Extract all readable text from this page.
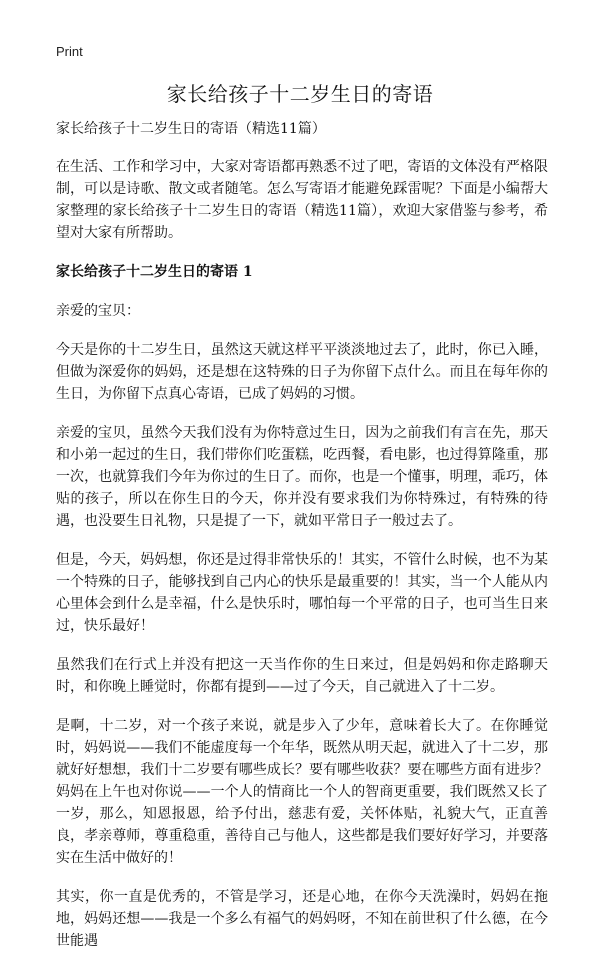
Print
家长给孩子十二岁生日的寄语

家长给孩子十二岁生日的寄语（精选11篇）

在生活、工作和学习中，大家对寄语都再熟悉不过了吧，寄语的文体没有严格限制，可以是诗歌、散文或者随笔。怎么写寄语才能避免踩雷呢？下面是小编帮大家整理的家长给孩子十二岁生日的寄语（精选11篇），欢迎大家借鉴与参考，希望对大家有所帮助。

家长给孩子十二岁生日的寄语 1

亲爱的宝贝：

今天是你的十二岁生日，虽然这天就这样平平淡淡地过去了，此时，你已入睡，但做为深爱你的妈妈，还是想在这特殊的日子为你留下点什么。而且在每年你的生日，为你留下点真心寄语，已成了妈妈的习惯。

亲爱的宝贝，虽然今天我们没有为你特意过生日，因为之前我们有言在先，那天和小弟一起过的生日，我们带你们吃蛋糕，吃西餐，看电影，也过得算隆重，那一次，也就算我们今年为你过的生日了。而你，也是一个懂事，明理，乖巧，体贴的孩子，所以在你生日的今天，你并没有要求我们为你特殊过，有特殊的待遇，也没要生日礼物，只是提了一下，就如平常日子一般过去了。

但是，今天，妈妈想，你还是过得非常快乐的！其实，不管什么时候，也不为某一个特殊的日子，能够找到自己内心的快乐是最重要的！其实，当一个人能从内心里体会到什么是幸福，什么是快乐时，哪怕每一个平常的日子，也可当生日来过，快乐最好！

虽然我们在行式上并没有把这一天当作你的生日来过，但是妈妈和你走路聊天时，和你晚上睡觉时，你都有提到——过了今天，自己就进入了十二岁。

是啊，十二岁，对一个孩子来说，就是步入了少年，意味着长大了。在你睡觉时，妈妈说——我们不能虚度每一个年华，既然从明天起，就进入了十二岁，那就好好想想，我们十二岁要有哪些成长？要有哪些收获？要在哪些方面有进步？妈妈在上午也对你说——一个人的情商比一个人的智商更重要，我们既然又长了一岁，那么，知恩报恩，给予付出，慈悲有爱，关怀体贴，礼貌大气，正直善良，孝亲尊师，尊重稳重，善待自己与他人，这些都是我们要好好学习，并要落实在生活中做好的！

其实，你一直是优秀的，不管是学习，还是心地，在你今天洗澡时，妈妈在拖地，妈妈还想——我是一个多么有福气的妈妈呀，不知在前世积了什么德，在今世能遇
